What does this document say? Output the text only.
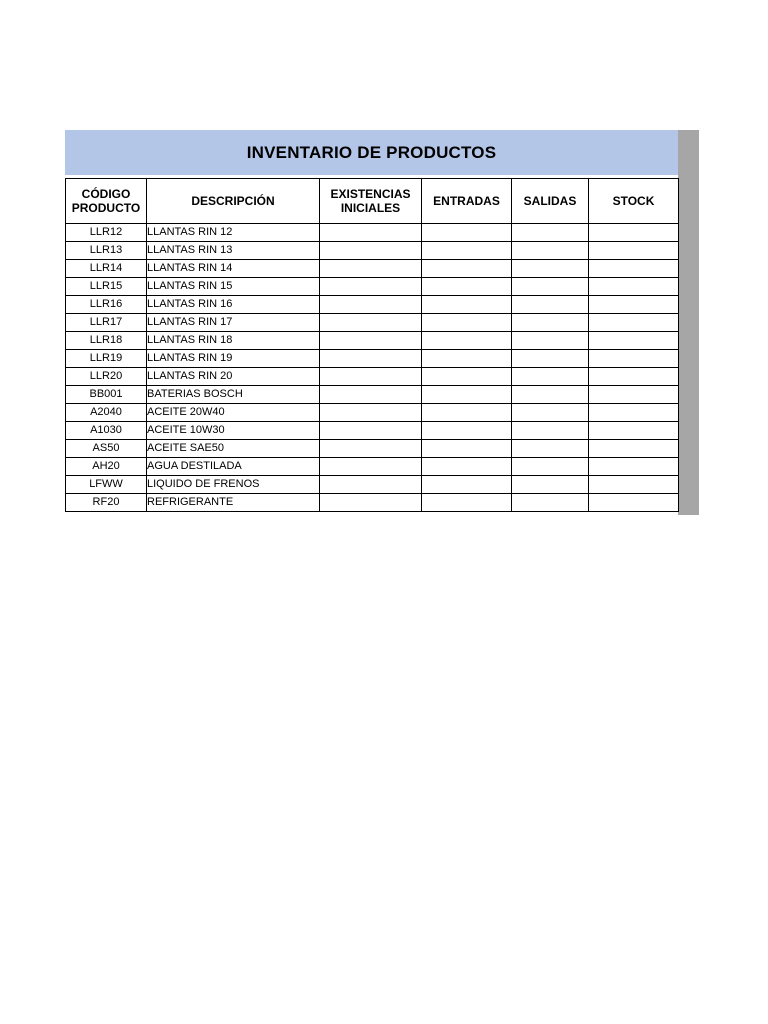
INVENTARIO DE PRODUCTOS
CÓDIGO PRODUCTO	DESCRIPCIÓN	EXISTENCIAS INICIALES	ENTRADAS	SALIDAS	STOCK
LLR12	LLANTAS RIN 12				
LLR13	LLANTAS RIN 13				
LLR14	LLANTAS RIN 14				
LLR15	LLANTAS RIN 15				
LLR16	LLANTAS RIN 16				
LLR17	LLANTAS RIN 17				
LLR18	LLANTAS RIN 18				
LLR19	LLANTAS RIN 19				
LLR20	LLANTAS RIN 20				
BB001	BATERIAS BOSCH				
A2040	ACEITE 20W40				
A1030	ACEITE 10W30				
AS50	ACEITE SAE50				
AH20	AGUA DESTILADA				
LFWW	LIQUIDO DE FRENOS				
RF20	REFRIGERANTE				
